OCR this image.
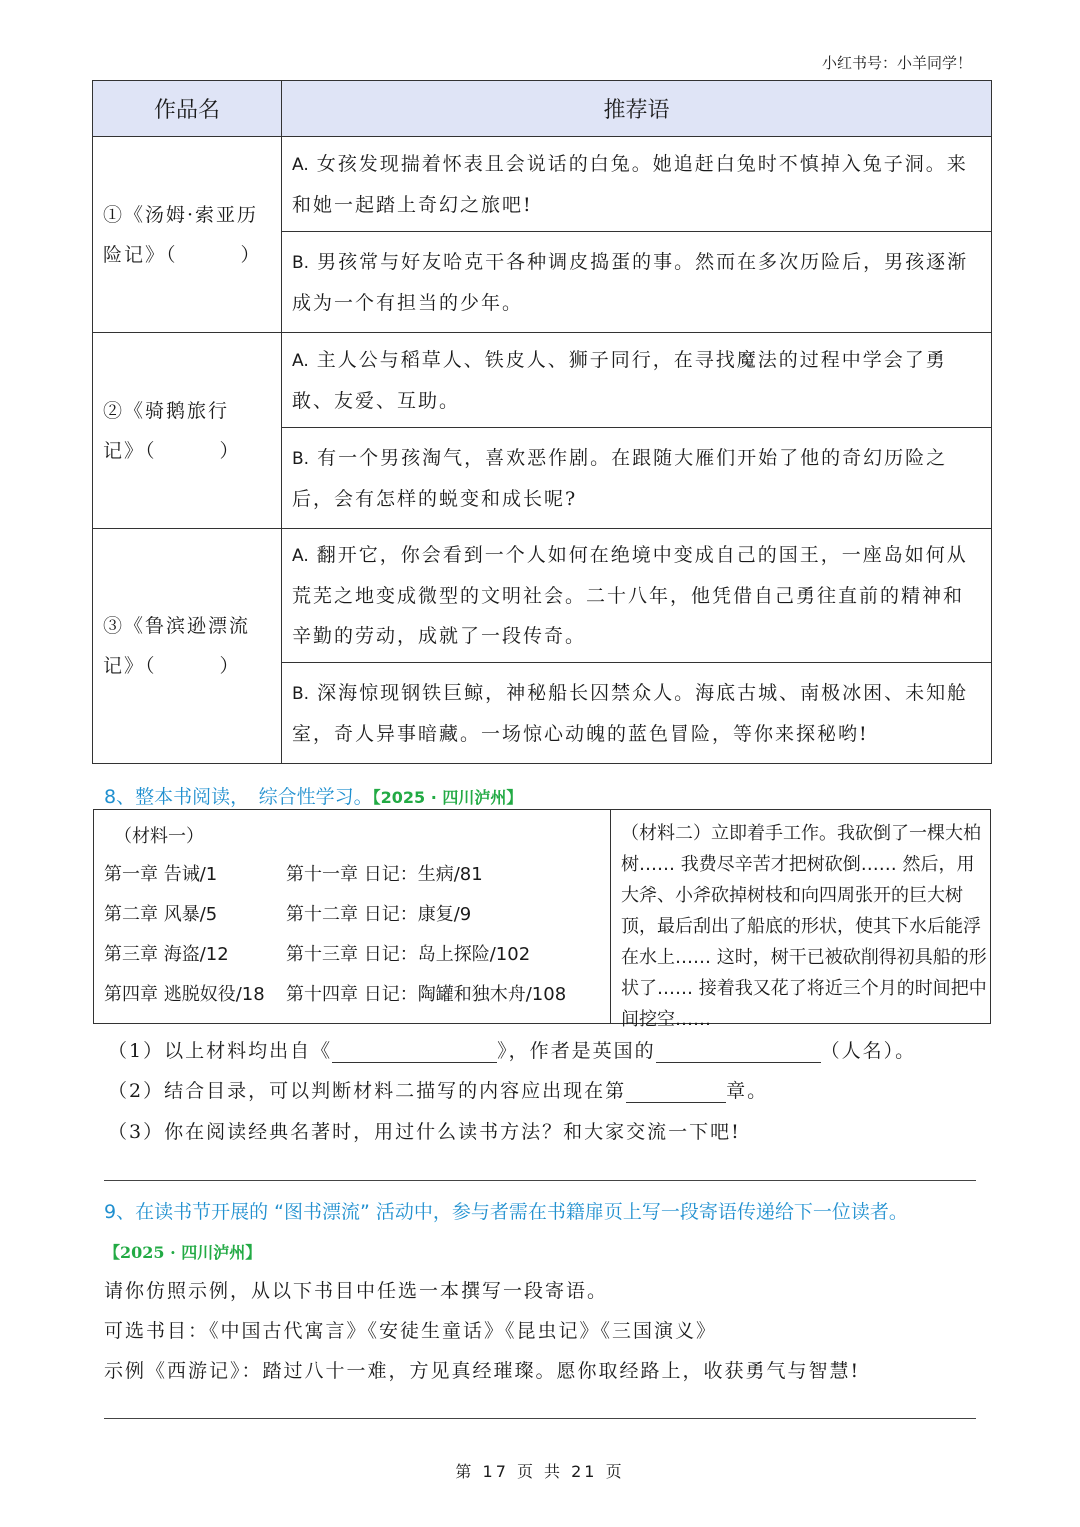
小红书号：小羊同学！
作品名	推荐语
①《汤姆·索亚历险记》（　　　）	A. 女孩发现揣着怀表且会说话的白兔。她追赶白兔时不慎掉入兔子洞。来和她一起踏上奇幻之旅吧!
	B. 男孩常与好友哈克干各种调皮捣蛋的事。然而在多次历险后，男孩逐渐成为一个有担当的少年。
②《骑鹅旅行记》（　　　）	A. 主人公与稻草人、铁皮人、狮子同行，在寻找魔法的过程中学会了勇敢、友爱、互助。
	B. 有一个男孩淘气，喜欢恶作剧。在跟随大雁们开始了他的奇幻历险之后，会有怎样的蜕变和成长呢?
③《鲁滨逊漂流记》（　　　）	A. 翻开它，你会看到一个人如何在绝境中变成自己的国王，一座岛如何从荒芜之地变成微型的文明社会。二十八年，他凭借自己勇往直前的精神和辛勤的劳动，成就了一段传奇。
	B. 深海惊现钢铁巨鲸，神秘船长囚禁众人。海底古城、南极冰困、未知舱室，奇人异事暗藏。一场惊心动魄的蓝色冒险，等你来探秘哟!
8、整本书阅读，　综合性学习。【2025 · 四川泸州】
（材料一）
第一章 告诫/1	第十一章 日记：生病/81
第二章 风暴/5	第十二章 日记：康复/9
第三章 海盗/12	第十三章 日记：岛上探险/102
第四章 逃脱奴役/18 第十四章 日记：陶罐和独木舟/108
（材料二）立即着手工作。我砍倒了一棵大柏树…… 我费尽辛苦才把树砍倒…… 然后，用大斧、小斧砍掉树枝和向四周张开的巨大树顶，最后刮出了船底的形状，使其下水后能浮在水上…… 这时，树干已被砍削得初具船的形状了…… 接着我又花了将近三个月的时间把中间挖空……
（1）以上材料均出自《	》，作者是英国的	（人名）。
（2）结合目录，可以判断材料二描写的内容应出现在第	章。
（3）你在阅读经典名著时，用过什么读书方法？和大家交流一下吧!
9、在读书节开展的 “图书漂流” 活动中，参与者需在书籍扉页上写一段寄语传递给下一位读者。
【2025 · 四川泸州】
请你仿照示例，从以下书目中任选一本撰写一段寄语。
可选书目：《中国古代寓言》《安徒生童话》《昆虫记》《三国演义》
示例《西游记》：踏过八十一难，方见真经璀璨。愿你取经路上，收获勇气与智慧!
第 17 页 共 21 页
